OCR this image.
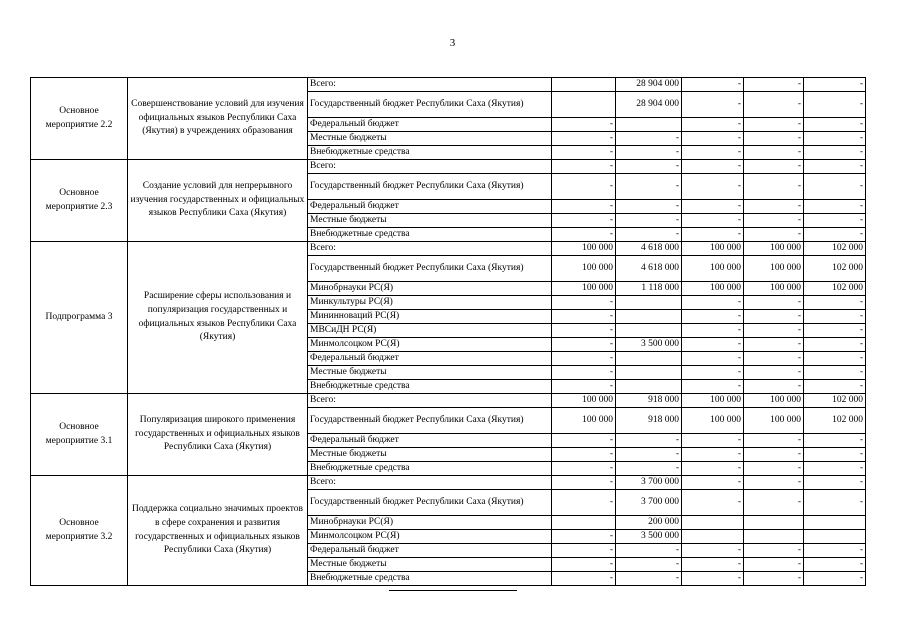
3
Основное мероприятие 2.2	Совершенствование условий для изучения официальных языков Республики Саха (Якутия) в учреждениях образования	Всего:		28 904 000	-	-	-
		Государственный бюджет Республики Саха (Якутия)		28 904 000	-	-	-
		Федеральный бюджет	-		-	-	-
		Местные бюджеты	-	-	-	-	-
		Внебюджетные средства	-	-	-	-	-
Основное мероприятие 2.3	Создание условий для непрерывного изучения государственных и официальных языков Республики Саха (Якутия)	Всего:	-	-	-	-	-
		Государственный бюджет Республики Саха (Якутия)	-	-	-	-	-
		Федеральный бюджет	-	-	-	-	-
		Местные бюджеты	-	-	-	-	-
		Внебюджетные средства	-	-	-	-	-
Подпрограмма 3	Расширение сферы использования и популяризация государственных и официальных языков Республики Саха (Якутия)	Всего:	100 000	4 618 000	100 000	100 000	102 000
		Государственный бюджет Республики Саха (Якутия)	100 000	4 618 000	100 000	100 000	102 000
		Минобрнауки РС(Я)	100 000	1 118 000	100 000	100 000	102 000
		Минкультуры РС(Я)	-		-	-	-
		Мининноваций РС(Я)	-		-	-	-
		МВСиДН РС(Я)	-		-	-	-
		Минмолсоцком РС(Я)	-	3 500 000	-	-	-
		Федеральный бюджет	-		-	-	-
		Местные бюджеты	-		-	-	-
		Внебюджетные средства	-		-	-	-
Основное мероприятие 3.1	Популяризация широкого применения государственных и официальных языков Республики Саха (Якутия)	Всего:	100 000	918 000	100 000	100 000	102 000
		Государственный бюджет Республики Саха (Якутия)	100 000	918 000	100 000	100 000	102 000
		Федеральный бюджет	-	-	-	-	-
		Местные бюджеты	-	-	-	-	-
		Внебюджетные средства	-	-	-	-	-
Основное мероприятие 3.2	Поддержка социально значимых проектов в сфере сохранения и развития государственных и официальных языков Республики Саха (Якутия)	Всего:	-	3 700 000	-	-	-
		Государственный бюджет Республики Саха (Якутия)	-	3 700 000	-	-	-
		Минобрнауки РС(Я)		200 000			
		Минмолсоцком РС(Я)	-	3 500 000			
		Федеральный бюджет	-	-	-	-	-
		Местные бюджеты	-	-	-	-	-
		Внебюджетные средства	-	-	-	-	-
